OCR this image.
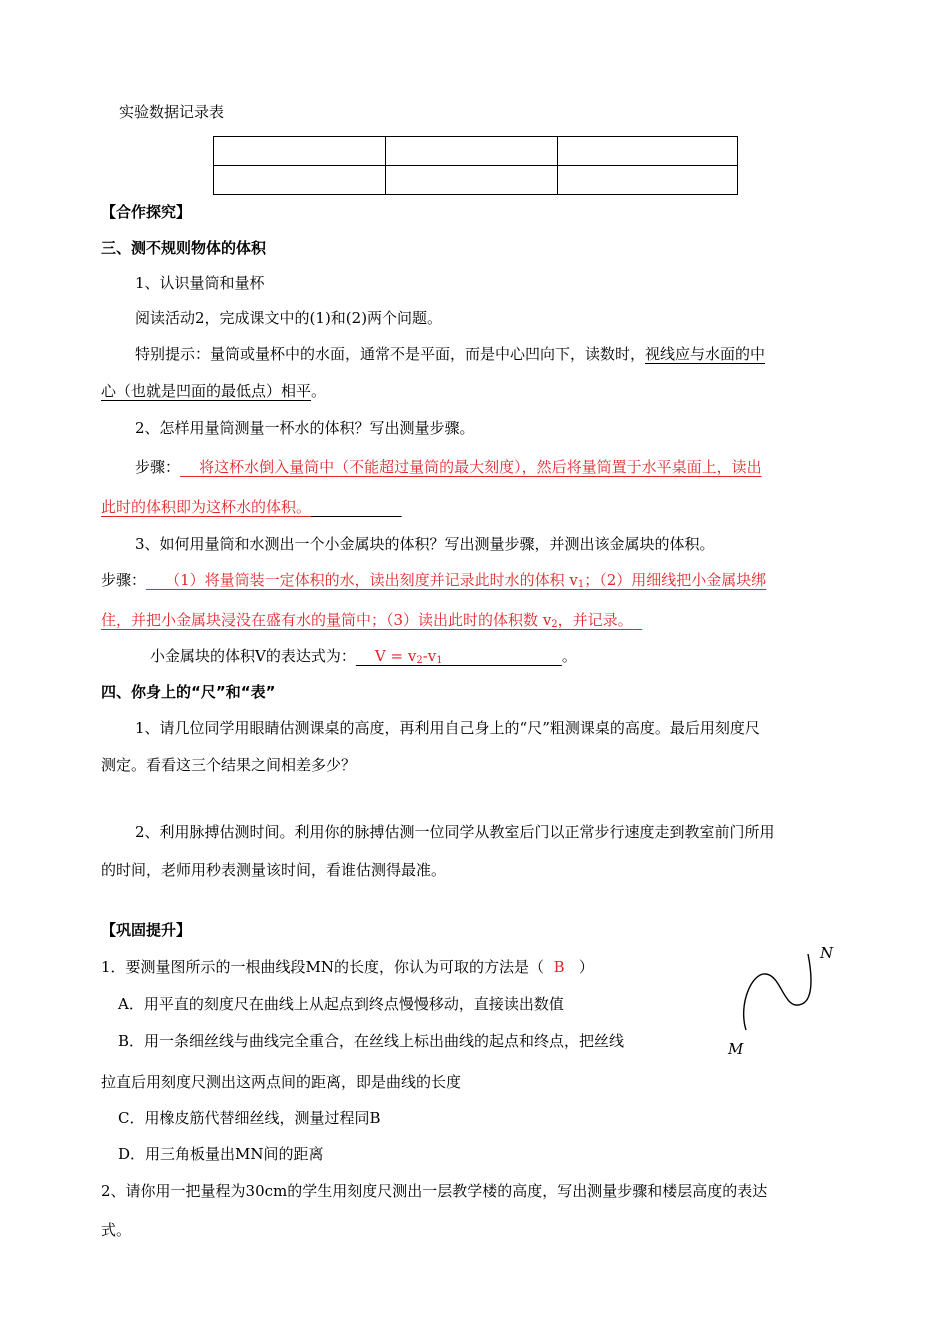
实验数据记录表

【合作探究】
三、测不规则物体的体积
1、认识量筒和量杯
阅读活动2，完成课文中的(1)和(2)两个问题。
特别提示：量筒或量杯中的水面，通常不是平面，而是中心凹向下，读数时，视线应与水面的中
心（也就是凹面的最低点）相平。
2、怎样用量筒测量一杯水的体积？写出测量步骤。
步骤： 将这杯水倒入量筒中（不能超过量筒的最大刻度），然后将量筒置于水平桌面上，读出
此时的体积即为这杯水的体积。
3、如何用量筒和水测出一个小金属块的体积？写出测量步骤，并测出该金属块的体积。
步骤： （1）将量筒装一定体积的水，读出刻度并记录此时水的体积 $v_1$；（2）用细线把小金属块绑
住，并把小金属块浸没在盛有水的量筒中；（3）读出此时的体积数 $v_2$，并记录。
小金属块的体积V的表达式为： $V = v_2-v_1$	。
四、你身上的“尺”和“表”
1、请几位同学用眼睛估测课桌的高度，再利用自己身上的“尺”粗测课桌的高度。最后用刻度尺
测定。看看这三个结果之间相差多少？
2、利用脉搏估测时间。利用你的脉搏估测一位同学从教室后门以正常步行速度走到教室前门所用
的时间，老师用秒表测量该时间，看谁估测得最准。
【巩固提升】
1．要测量图所示的一根曲线段MN的长度，你认为可取的方法是（ B ）
A．用平直的刻度尺在曲线上从起点到终点慢慢移动，直接读出数值
B．用一条细丝线与曲线完全重合，在丝线上标出曲线的起点和终点，把丝线
拉直后用刻度尺测出这两点间的距离，即是曲线的长度
C．用橡皮筋代替细丝线，测量过程同B
D．用三角板量出MN间的距离
2、请你用一把量程为30cm的学生用刻度尺测出一层教学楼的高度，写出测量步骤和楼层高度的表达
式。
N
M
